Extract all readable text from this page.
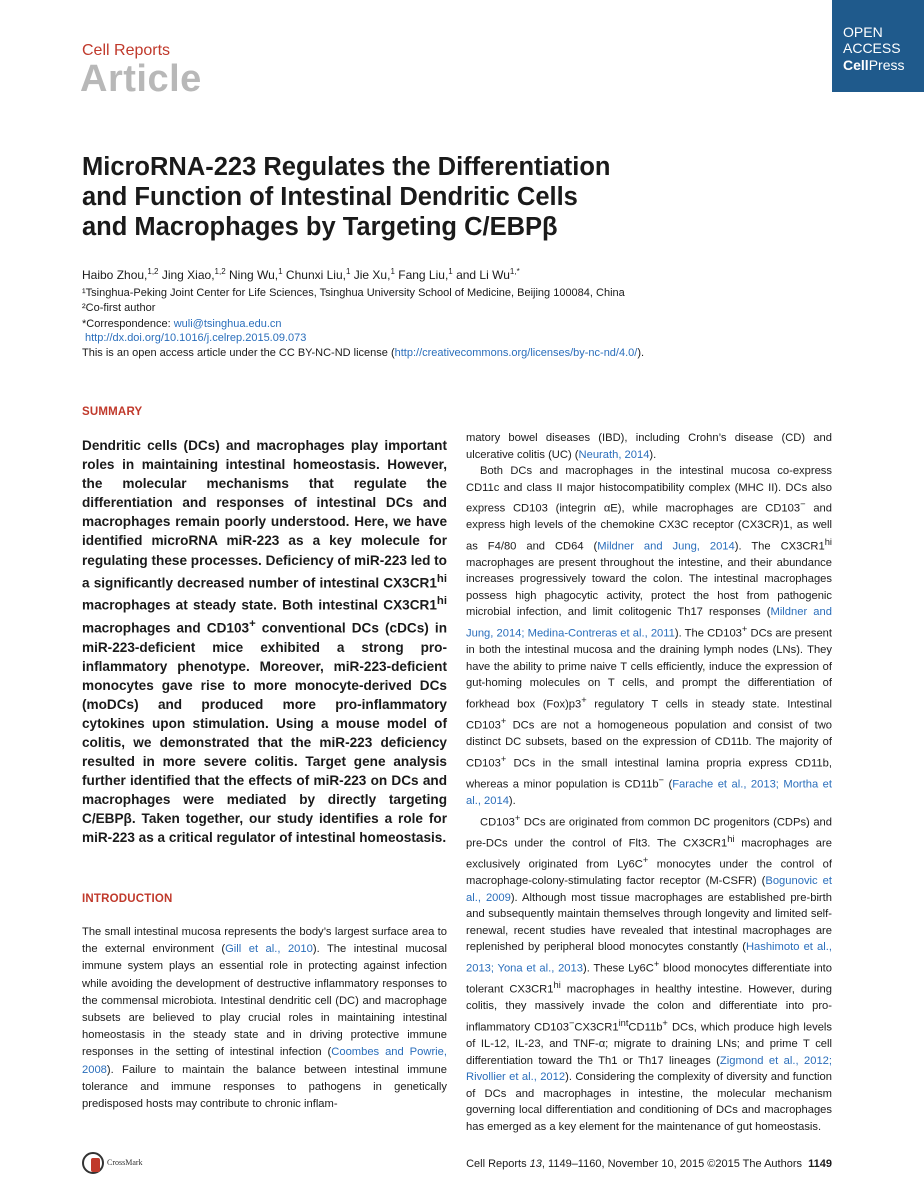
Cell Reports
Article
OPEN
ACCESS
CellPress
MicroRNA-223 Regulates the Differentiation
and Function of Intestinal Dendritic Cells
and Macrophages by Targeting C/EBPβ
Haibo Zhou,$^{1,2}$ Jing Xiao,$^{1,2}$ Ning Wu,$^1$ Chunxi Liu,$^1$ Jie Xu,$^1$ Fang Liu,$^1$ and Li $Wu^{1,*}$
¹Tsinghua-Peking Joint Center for Life Sciences, Tsinghua University School of Medicine, Beijing 100084, China
²Co-first author
*Correspondence: wuli@tsinghua.edu.cn
http://dx.doi.org/10.1016/j.celrep.2015.09.073
This is an open access article under the CC BY-NC-ND license (http://creativecommons.org/licenses/by-nc-nd/4.0/).
SUMMARY

Dendritic cells (DCs) and macrophages play important roles in maintaining intestinal homeostasis. However, the molecular mechanisms that regulate the differentiation and responses of intestinal DCs and macrophages remain poorly understood. Here, we have identified microRNA miR-223 as a key molecule for regulating these processes. Deficiency of miR-223 led to a significantly decreased number of intestinal $CX3CR1^{hi}$ macrophages at steady state. Both intestinal $CX3CR1^{hi}$ macrophages and CD103+ conventional DCs (cDCs) in miR-223-deficient mice exhibited a strong pro-inflammatory phenotype. Moreover, miR-223-deficient monocytes gave rise to more monocyte-derived DCs (moDCs) and produced more pro-inflammatory cytokines upon stimulation. Using a mouse model of colitis, we demonstrated that the miR-223 deficiency resulted in more severe colitis. Target gene analysis further identified that the effects of miR-223 on DCs and macrophages were mediated by directly targeting C/EBPβ. Taken together, our study identifies a role for miR-223 as a critical regulator of intestinal homeostasis.

INTRODUCTION

The small intestinal mucosa represents the body’s largest surface area to the external environment (Gill et al., 2010). The intestinal mucosal immune system plays an essential role in protecting against infection while avoiding the development of destructive inflammatory responses to the commensal microbiota. Intestinal dendritic cell (DC) and macrophage subsets are believed to play crucial roles in maintaining intestinal homeostasis in the steady state and in driving protective immune responses in the setting of intestinal infection (Coombes and Powrie, 2008). Failure to maintain the balance between intestinal immune tolerance and immune responses to pathogens in genetically predisposed hosts may contribute to chronic inflam-

matory bowel diseases (IBD), including Crohn’s disease (CD) and ulcerative colitis (UC) (Neurath, 2014).

Both DCs and macrophages in the intestinal mucosa co-express CD11c and class II major histocompatibility complex (MHC II). DCs also express CD103 (integrin αE), while macrophages are CD103− and express high levels of the chemokine CX3C receptor (CX3CR)1, as well as F4/80 and CD64 (Mildner and Jung, 2014). The $CX3CR1^{hi}$ macrophages are present throughout the intestine, and their abundance increases progressively toward the colon. The intestinal macrophages possess high phagocytic activity, protect the host from pathogenic microbial infection, and limit colitogenic Th17 responses (Mildner and Jung, 2014; Medina-Contreras et al., 2011). The CD103+ DCs are present in both the intestinal mucosa and the draining lymph nodes (LNs). They have the ability to prime naive T cells efficiently, induce the expression of gut-homing molecules on T cells, and prompt the differentiation of forkhead box (Fox)p3+ regulatory T cells in steady state. Intestinal CD103+ DCs are not a homogeneous population and consist of two distinct DC subsets, based on the expression of CD11b. The majority of CD103+ DCs in the small intestinal lamina propria express CD11b, whereas a minor population is CD11b− (Farache et al., 2013; Mortha et al., 2014).

CD103+ DCs are originated from common DC progenitors (CDPs) and pre-DCs under the control of Flt3. The $CX3CR1^{hi}$ macrophages are exclusively originated from Ly6C+ monocytes under the control of macrophage-colony-stimulating factor receptor (M-CSFR) (Bogunovic et al., 2009). Although most tissue macrophages are established pre-birth and subsequently maintain themselves through longevity and limited self-renewal, recent studies have revealed that intestinal macrophages are replenished by peripheral blood monocytes constantly (Hashimoto et al., 2013; Yona et al., 2013). These Ly6C+ blood monocytes differentiate into tolerant $CX3CR1^{hi}$ macrophages in healthy intestine. However, during colitis, they massively invade the colon and differentiate into pro-inflammatory $CD103^-CX3CR1^{int}CD11b^+$ DCs, which produce high levels of IL-12, IL-23, and TNF-α; migrate to draining LNs; and prime T cell differentiation toward the Th1 or Th17 lineages (Zigmond et al., 2012; Rivollier et al., 2012). Considering the complexity of diversity and function of DCs and macrophages in intestine, the molecular mechanism governing local differentiation and conditioning of DCs and macrophages has emerged as a key element for the maintenance of gut homeostasis.

CrossMark	Cell Reports 13, 1149–1160, November 10, 2015 ©2015 The Authors 1149
